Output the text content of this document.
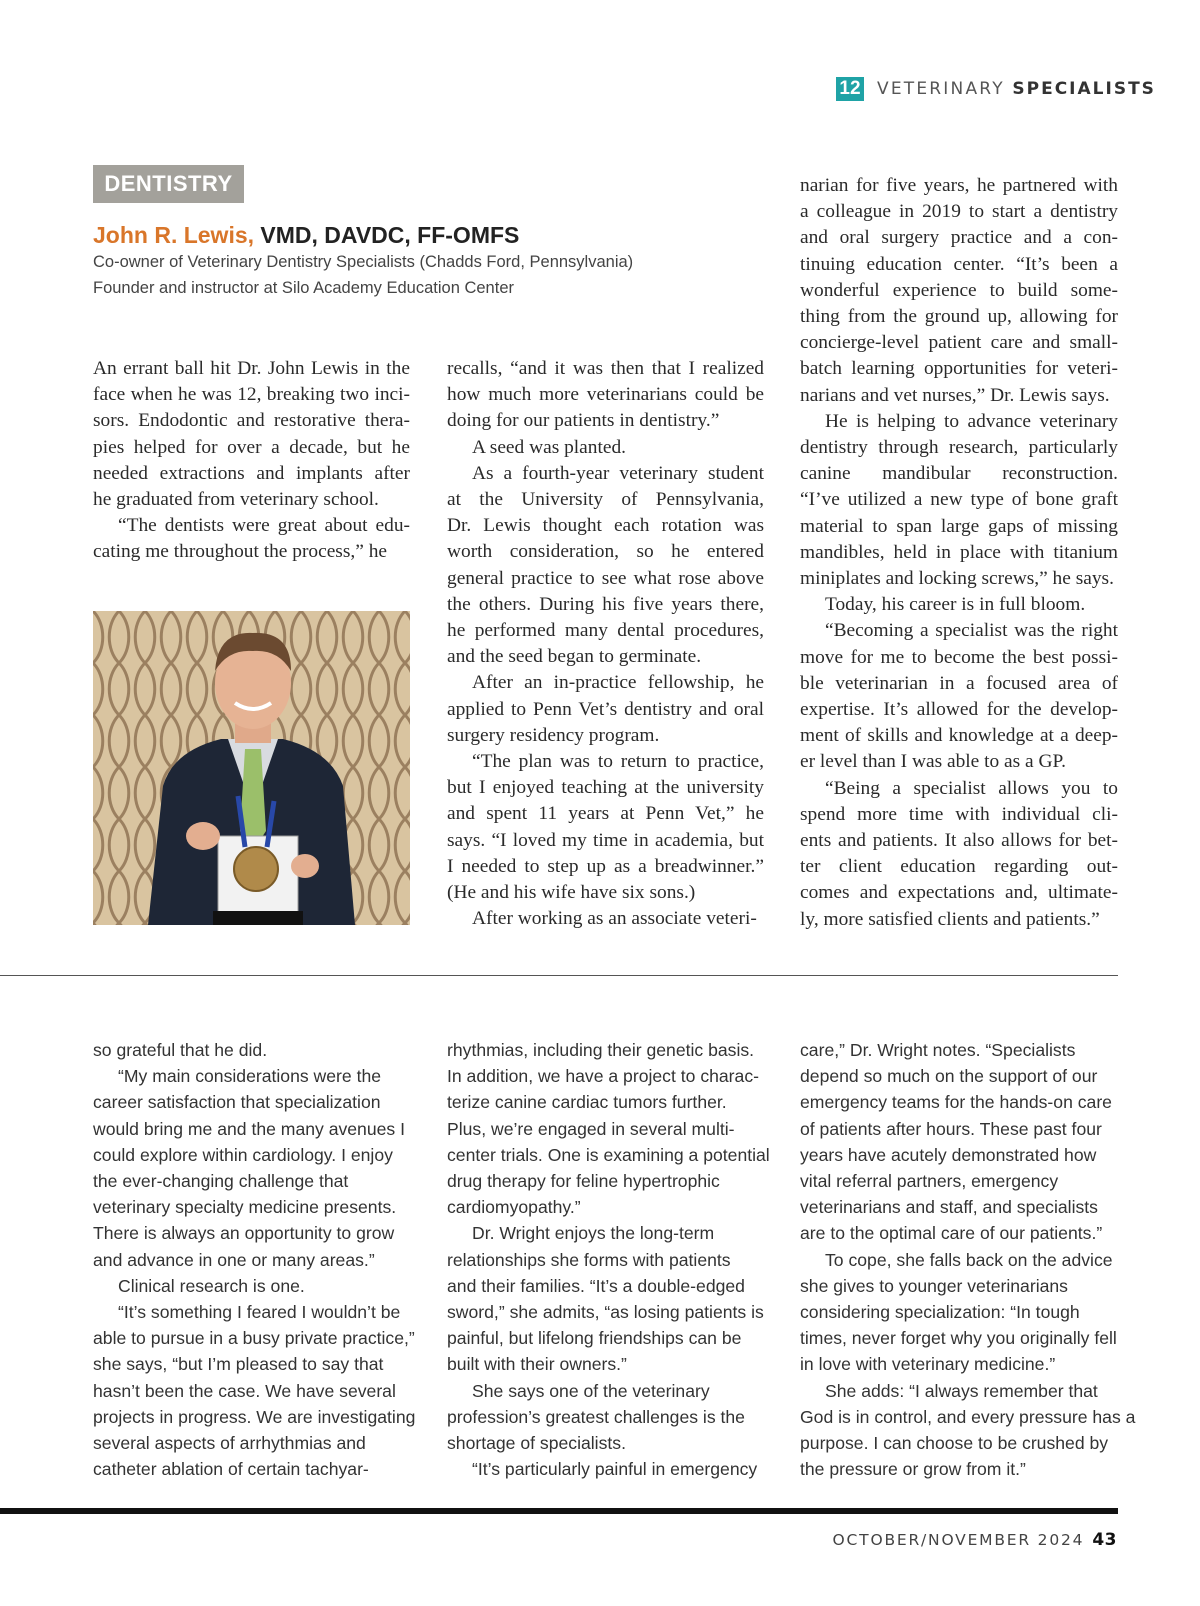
12 VETERINARY SPECIALISTS
DENTISTRY
John R. Lewis, VMD, DAVDC, FF-OMFS
Co-owner of Veterinary Dentistry Specialists (Chadds Ford, Pennsylvania)
Founder and instructor at Silo Academy Education Center
An errant ball hit Dr. John Lewis in the
face when he was 12, breaking two inci-
sors. Endodontic and restorative thera-
pies helped for over a decade, but he
needed extractions and implants after
he graduated from veterinary school.
“The dentists were great about edu-
cating me throughout the process,” he
recalls, “and it was then that I realized
how much more veterinarians could be
doing for our patients in dentistry.”
A seed was planted.
As a fourth-year veterinary student
at the University of Pennsylvania,
Dr. Lewis thought each rotation was
worth consideration, so he entered
general practice to see what rose above
the others. During his five years there,
he performed many dental procedures,
and the seed began to germinate.
After an in-practice fellowship, he
applied to Penn Vet’s dentistry and oral
surgery residency program.
“The plan was to return to practice,
but I enjoyed teaching at the university
and spent 11 years at Penn Vet,” he
says. “I loved my time in academia, but
I needed to step up as a breadwinner.”
(He and his wife have six sons.)
After working as an associate veteri-
narian for five years, he partnered with
a colleague in 2019 to start a dentistry
and oral surgery practice and a con-
tinuing education center. “It’s been a
wonderful experience to build some-
thing from the ground up, allowing for
concierge-level patient care and small-
batch learning opportunities for veteri-
narians and vet nurses,” Dr. Lewis says.
He is helping to advance veterinary
dentistry through research, particularly
canine mandibular reconstruction.
“I’ve utilized a new type of bone graft
material to span large gaps of missing
mandibles, held in place with titanium
miniplates and locking screws,” he says.
Today, his career is in full bloom.
“Becoming a specialist was the right
move for me to become the best possi-
ble veterinarian in a focused area of
expertise. It’s allowed for the develop-
ment of skills and knowledge at a deep-
er level than I was able to as a GP.
“Being a specialist allows you to
spend more time with individual cli-
ents and patients. It also allows for bet-
ter client education regarding out-
comes and expectations and, ultimate-
ly, more satisfied clients and patients.”
so grateful that he did.
“My main considerations were the
career satisfaction that specialization
would bring me and the many avenues I
could explore within cardiology. I enjoy
the ever-changing challenge that
veterinary specialty medicine presents.
There is always an opportunity to grow
and advance in one or many areas.”
Clinical research is one.
“It’s something I feared I wouldn’t be
able to pursue in a busy private practice,”
she says, “but I’m pleased to say that
hasn’t been the case. We have several
projects in progress. We are investigating
several aspects of arrhythmias and
catheter ablation of certain tachyar-
rhythmias, including their genetic basis.
In addition, we have a project to charac-
terize canine cardiac tumors further.
Plus, we’re engaged in several multi-
center trials. One is examining a potential
drug therapy for feline hypertrophic
cardiomyopathy.”
Dr. Wright enjoys the long-term
relationships she forms with patients
and their families. “It’s a double-edged
sword,” she admits, “as losing patients is
painful, but lifelong friendships can be
built with their owners.”
She says one of the veterinary
profession’s greatest challenges is the
shortage of specialists.
“It’s particularly painful in emergency
care,” Dr. Wright notes. “Specialists
depend so much on the support of our
emergency teams for the hands-on care
of patients after hours. These past four
years have acutely demonstrated how
vital referral partners, emergency
veterinarians and staff, and specialists
are to the optimal care of our patients.”
To cope, she falls back on the advice
she gives to younger veterinarians
considering specialization: “In tough
times, never forget why you originally fell
in love with veterinary medicine.”
She adds: “I always remember that
God is in control, and every pressure has a
purpose. I can choose to be crushed by
the pressure or grow from it.”
OCTOBER/NOVEMBER 2024 43
